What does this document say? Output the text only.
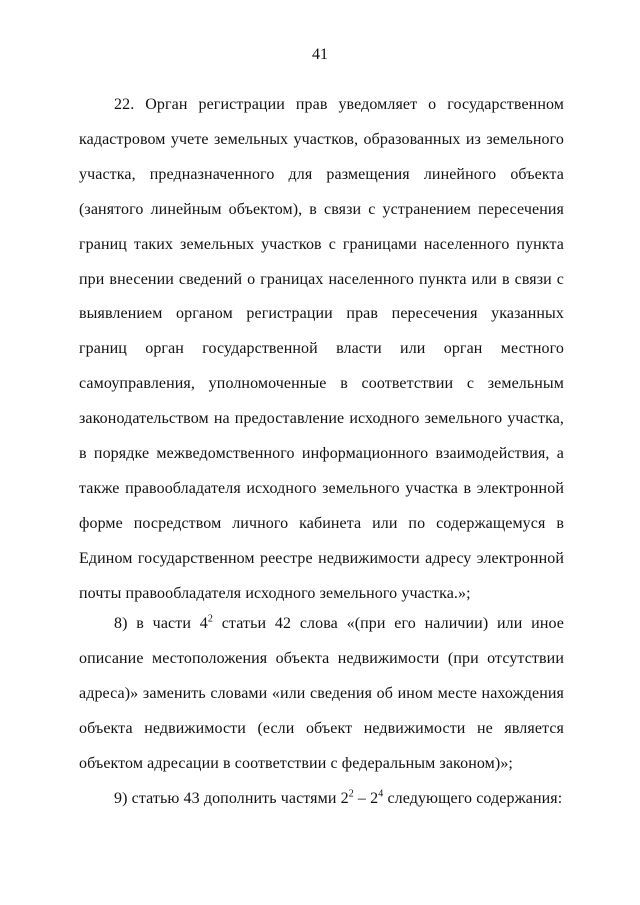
41

22. Орган регистрации прав уведомляет о государственном кадастровом учете земельных участков, образованных из земельного участка, предназначенного для размещения линейного объекта (занятого линейным объектом), в связи с устранением пересечения границ таких земельных участков с границами населенного пункта при внесении сведений о границах населенного пункта или в связи с выявлением органом регистрации прав пересечения указанных границ орган государственной власти или орган местного самоуправления, уполномоченные в соответствии с земельным законодательством на предоставление исходного земельного участка, в порядке межведомственного информационного взаимодействия, а также правообладателя исходного земельного участка в электронной форме посредством личного кабинета или по содержащемуся в Едином государственном реестре недвижимости адресу электронной почты правообладателя исходного земельного участка.»;

8) в части $4^2$ статьи 42 слова «(при его наличии) или иное описание местоположения объекта недвижимости (при отсутствии адреса)» заменить словами «или сведения об ином месте нахождения объекта недвижимости (если объект недвижимости не является объектом адресации в соответствии с федеральным законом)»;

9) статью 43 дополнить частями $2^2 - 2^4$ следующего содержания:
